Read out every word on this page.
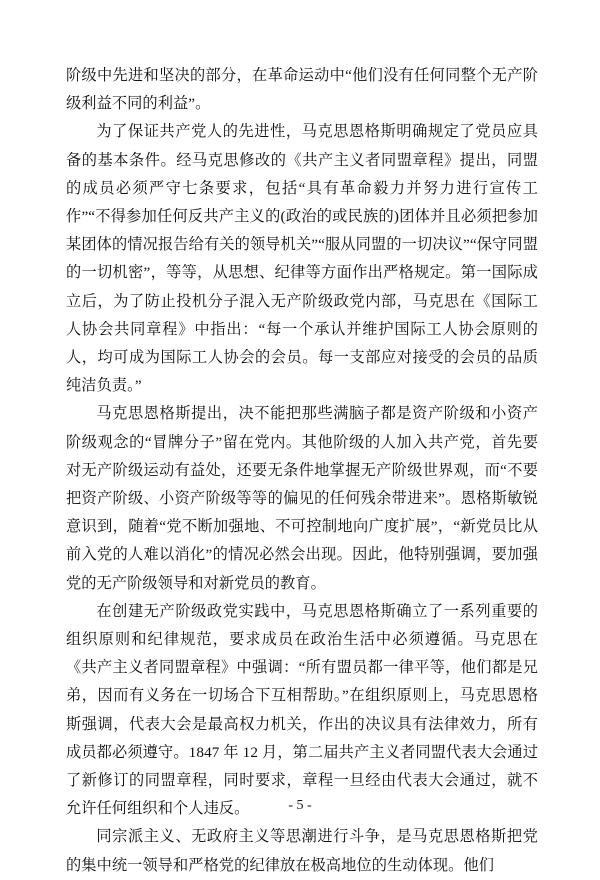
阶级中先进和坚决的部分，在革命运动中“他们没有任何同整个无产阶级利益不同的利益”。

为了保证共产党人的先进性，马克思恩格斯明确规定了党员应具备的基本条件。经马克思修改的《共产主义者同盟章程》提出，同盟的成员必须严守七条要求，包括“具有革命毅力并努力进行宣传工作”“不得参加任何反共产主义的(政治的或民族的)团体并且必须把参加某团体的情况报告给有关的领导机关”“服从同盟的一切决议”“保守同盟的一切机密”，等等，从思想、纪律等方面作出严格规定。第一国际成立后，为了防止投机分子混入无产阶级政党内部，马克思在《国际工人协会共同章程》中指出：“每一个承认并维护国际工人协会原则的人，均可成为国际工人协会的会员。每一支部应对接受的会员的品质纯洁负责。”

马克思恩格斯提出，决不能把那些满脑子都是资产阶级和小资产阶级观念的“冒牌分子”留在党内。其他阶级的人加入共产党，首先要对无产阶级运动有益处，还要无条件地掌握无产阶级世界观，而“不要把资产阶级、小资产阶级等等的偏见的任何残余带进来”。恩格斯敏锐意识到，随着“党不断加强地、不可控制地向广度扩展”，“新党员比从前入党的人难以消化”的情况必然会出现。因此，他特别强调，要加强党的无产阶级领导和对新党员的教育。

在创建无产阶级政党实践中，马克思恩格斯确立了一系列重要的组织原则和纪律规范，要求成员在政治生活中必须遵循。马克思在《共产主义者同盟章程》中强调：“所有盟员都一律平等，他们都是兄弟，因而有义务在一切场合下互相帮助。”在组织原则上，马克思恩格斯强调，代表大会是最高权力机关，作出的决议具有法律效力，所有成员都必须遵守。1847 年 12 月，第二届共产主义者同盟代表大会通过了新修订的同盟章程，同时要求，章程一旦经由代表大会通过，就不允许任何组织和个人违反。

同宗派主义、无政府主义等思潮进行斗争，是马克思恩格斯把党的集中统一领导和严格党的纪律放在极高地位的生动体现。他们

- 5 -
